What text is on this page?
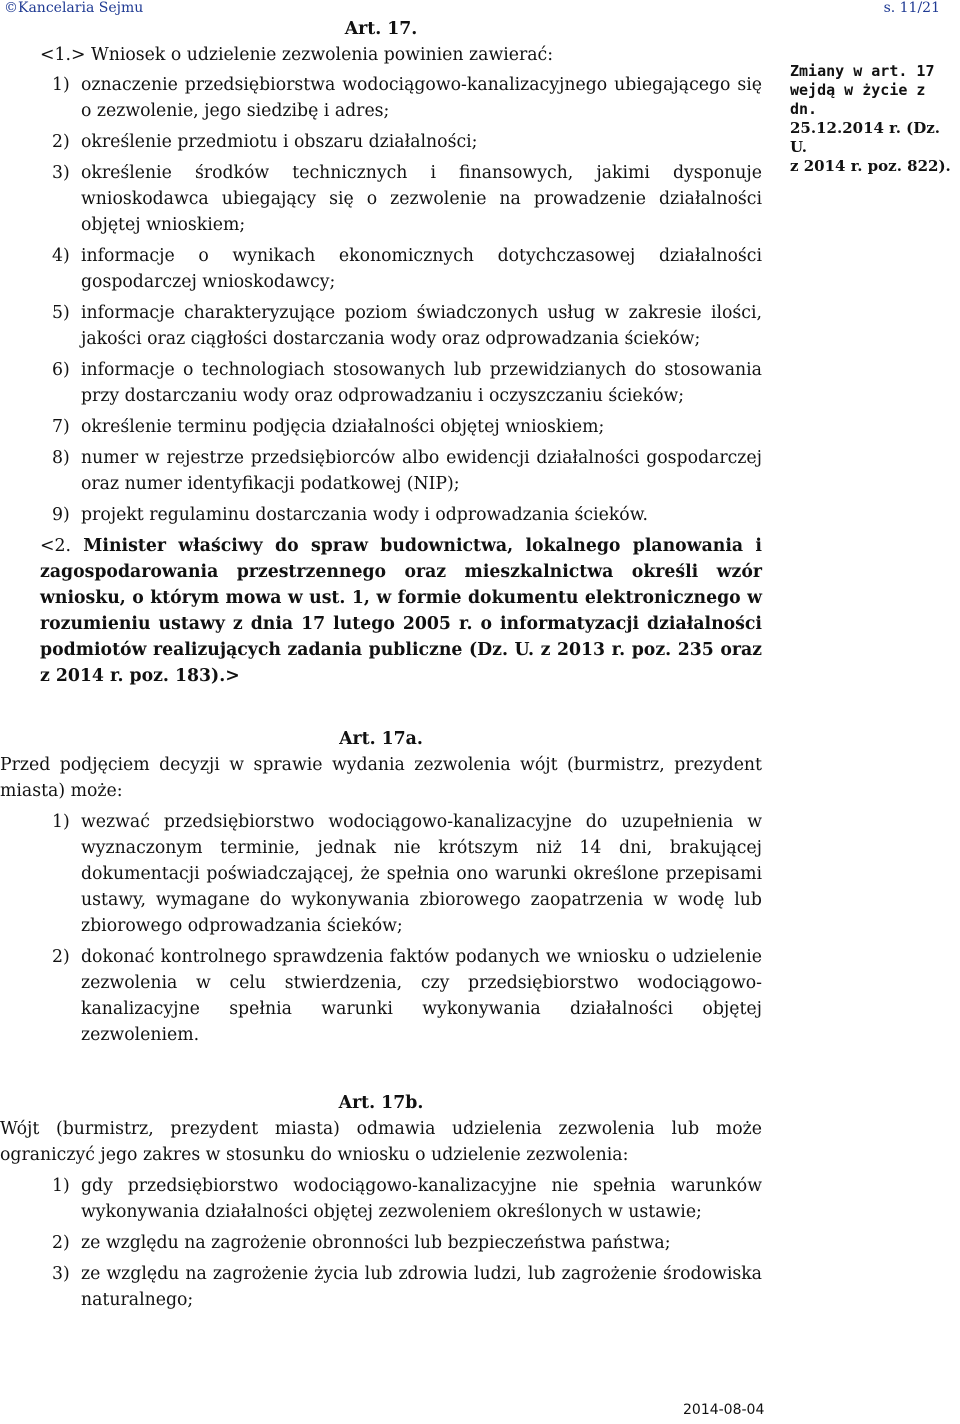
©Kancelaria Sejmu	s. 11/21

Art. 17.

<1.> Wniosek o udzielenie zezwolenia powinien zawierać:

1) oznaczenie przedsiębiorstwa wodociągowo-kanalizacyjnego ubiegającego się o zezwolenie, jego siedzibę i adres;
2) określenie przedmiotu i obszaru działalności;
3) określenie środków technicznych i finansowych, jakimi dysponuje wnioskodawca ubiegający się o zezwolenie na prowadzenie działalności objętej wnioskiem;
4) informacje o wynikach ekonomicznych dotychczasowej działalności gospodarczej wnioskodawcy;
5) informacje charakteryzujące poziom świadczonych usług w zakresie ilości, jakości oraz ciągłości dostarczania wody oraz odprowadzania ścieków;
6) informacje o technologiach stosowanych lub przewidzianych do stosowania przy dostarczaniu wody oraz odprowadzaniu i oczyszczaniu ścieków;
7) określenie terminu podjęcia działalności objętej wnioskiem;
8) numer w rejestrze przedsiębiorców albo ewidencji działalności gospodarczej oraz numer identyfikacji podatkowej (NIP);
9) projekt regulaminu dostarczania wody i odprowadzania ścieków.

<2. Minister właściwy do spraw budownictwa, lokalnego planowania i zagospodarowania przestrzennego oraz mieszkalnictwa określi wzór wniosku, o którym mowa w ust. 1, w formie dokumentu elektronicznego w rozumieniu ustawy z dnia 17 lutego 2005 r. o informatyzacji działalności podmiotów realizujących zadania publiczne (Dz. U. z 2013 r. poz. 235 oraz z 2014 r. poz. 183).>

Art. 17a.

Przed podjęciem decyzji w sprawie wydania zezwolenia wójt (burmistrz, prezydent miasta) może:

1) wezwać przedsiębiorstwo wodociągowo-kanalizacyjne do uzupełnienia w wyznaczonym terminie, jednak nie krótszym niż 14 dni, brakującej dokumentacji poświadczającej, że spełnia ono warunki określone przepisami ustawy, wymagane do wykonywania zbiorowego zaopatrzenia w wodę lub zbiorowego odprowadzania ścieków;
2) dokonać kontrolnego sprawdzenia faktów podanych we wniosku o udzielenie zezwolenia w celu stwierdzenia, czy przedsiębiorstwo wodociągowo-kanalizacyjne spełnia warunki wykonywania działalności objętej zezwoleniem.

Art. 17b.

Wójt (burmistrz, prezydent miasta) odmawia udzielenia zezwolenia lub może ograniczyć jego zakres w stosunku do wniosku o udzielenie zezwolenia:

1) gdy przedsiębiorstwo wodociągowo-kanalizacyjne nie spełnia warunków wykonywania działalności objętej zezwoleniem określonych w ustawie;
2) ze względu na zagrożenie obronności lub bezpieczeństwa państwa;
3) ze względu na zagrożenie życia lub zdrowia ludzi, lub zagrożenie środowiska naturalnego;
Zmiany w art. 17
wejdą w życie z dn.
25.12.2014 r. (Dz. U.
z 2014 r. poz. 822).
2014-08-04
